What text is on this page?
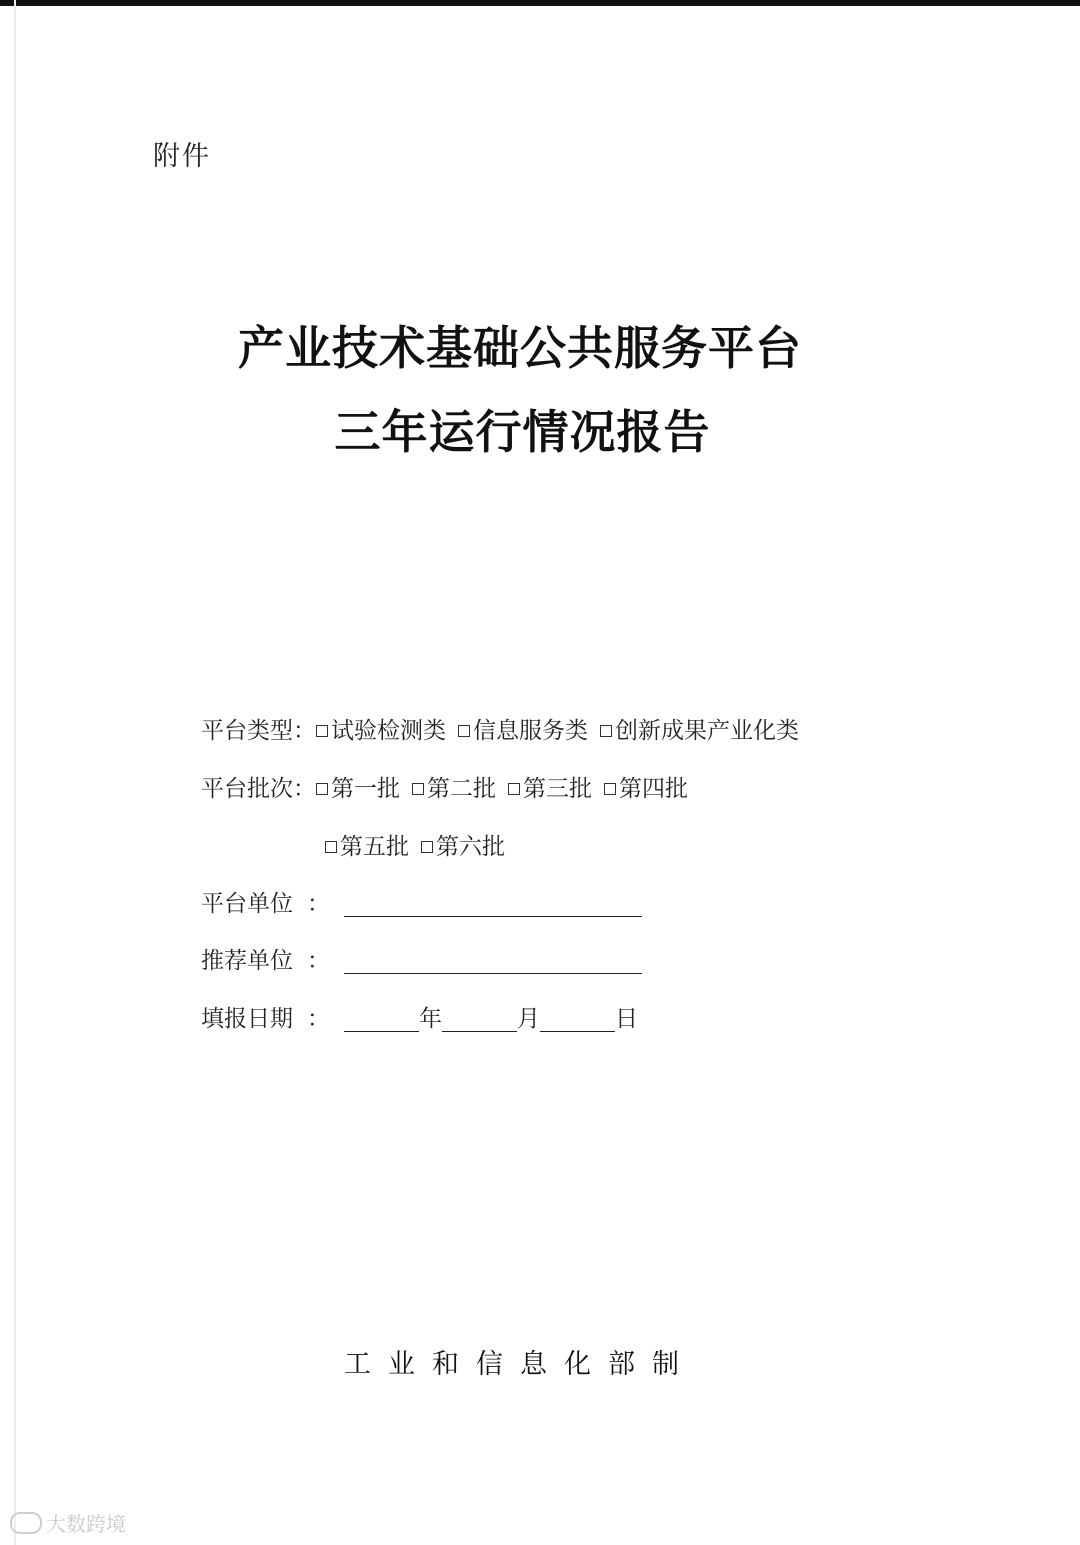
附件
产业技术基础公共服务平台
三年运行情况报告
平台类型： 试验检测类 信息服务类 创新成果产业化类
平台批次： 第一批 第二批 第三批 第四批
第五批 第六批
平台单位 ：
推荐单位 ：
填报日期 ：	年	月	日
工业和信息化部制
大数跨境
